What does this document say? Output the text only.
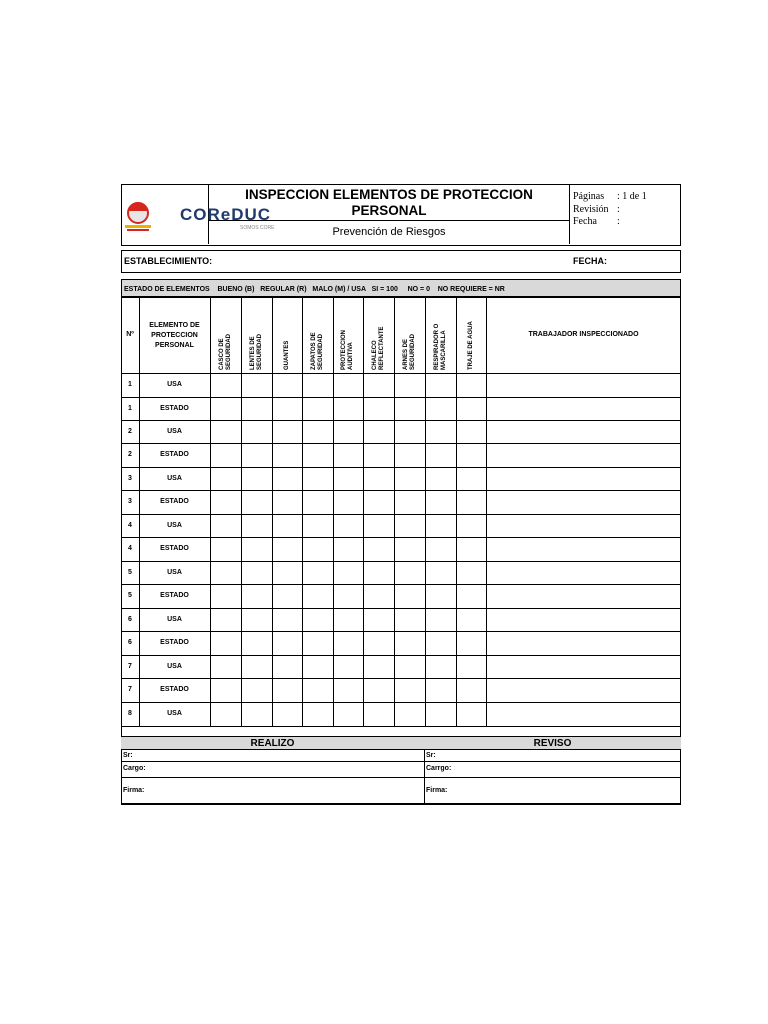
COReDUC
SOMOS CORE
INSPECCION ELEMENTOS DE PROTECCION
PERSONAL
Prevención de Riesgos
Páginas : 1 de 1
Revisión :
Fecha :
ESTABLECIMIENTO:	FECHA:
ESTADO DE ELEMENTOS    BUENO (B)   REGULAR (R)   MALO (M) / USA   SI = 100     NO = 0    NO REQUIERE = NR
Nº
ELEMENTO DE PROTECCION PERSONAL	CASCO DE SEGURIDAD	LENTES DE SEGURIDAD	GUANTES	ZAPATOS DE SEGURIDAD	PROTECCION AUDITIVA	CHALECO REFLECTANTE	ARNES DE SEGURIDAD	RESPIRADOR O MASCARILLA	TRAJE DE AGUA	TRABAJADOR INSPECCIONADO
1	USA
1	ESTADO
2	USA
2	ESTADO
3	USA
3	ESTADO
4	USA
4	ESTADO
5	USA
5	ESTADO
6	USA
6	ESTADO
7	USA
7	ESTADO
8	USA
REALIZO	REVISO
Sr:	Sr:
Cargo:	Carrgo:
Firma:	Firma:
